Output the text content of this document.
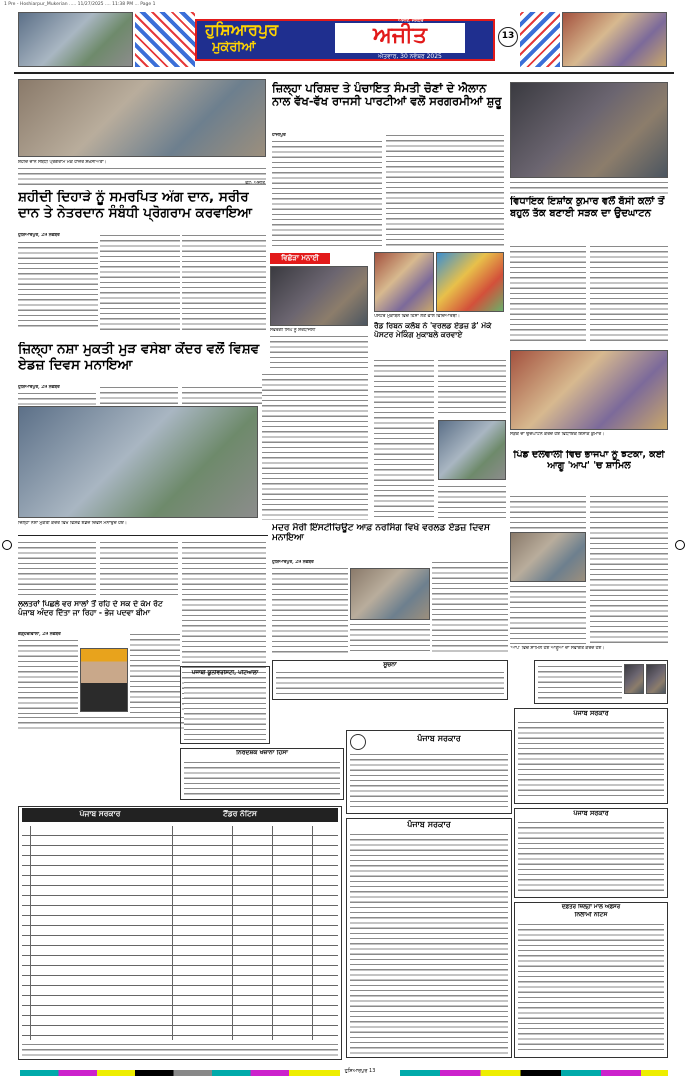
1 Pre - Hoshiarpur_Mukerian ..... 11/27/2025 .... 11:38 PM ... Page 1
ਹੁਸ਼ਿਆਰਪੁਰ
ਮੁਕੇਰੀਆਂ	ਅਜੀਤ
ਅਜੀਤ, ਜਲੰਧਰ
ਐਤਵਾਰ, 30 ਨਵੰਬਰ 2025
13
ਸ਼ਹੀਦ ਦਾਨ ਸਬੰਧੀ ਪ੍ਰੋਗਰਾਮ ਮੌਕੇ ਹਾਜ਼ਰ ਸ਼ਖ਼ਸੀਅਤਾਂ।
ਫੋਟੋ: ਅਜੀਤ
ਸ਼ਹੀਦੀ ਦਿਹਾੜੇ ਨੂੰ ਸਮਰਪਿਤ ਅੰਗ ਦਾਨ, ਸਰੀਰ ਦਾਨ ਤੇ ਨੇਤਰਦਾਨ ਸੰਬੰਧੀ ਪ੍ਰੋਗਰਾਮ ਕਰਵਾਇਆ
ਹੁਸ਼ਿਆਰਪੁਰ, 29 ਨਵੰਬਰ
ਵਿਛੋੜਾ ਮਨਾਈ
ਸਵਰਗੀ ਸਿੰਘ ਨੂੰ ਸ਼ਰਧਾਂਜਲੀ
ਜ਼ਿਲ੍ਹਾ ਨਸ਼ਾ ਮੁਕਤੀ ਮੁੜ ਵਸੇਬਾ ਕੇਂਦਰ ਵਲੋਂ ਵਿਸ਼ਵ ਏਡਜ਼ ਦਿਵਸ ਮਨਾਇਆ
ਹੁਸ਼ਿਆਰਪੁਰ, 29 ਨਵੰਬਰ
ਜ਼ਿਲ੍ਹਾ ਨਸ਼ਾ ਮੁਕਤੀ ਕੇਂਦਰ ਵਿਖੇ ਵਿਸ਼ਵ ਏਡਜ਼ ਦਿਵਸ ਮਨਾਉਂਦੇ ਹੋਏ।
ਲਲਤਰਾਂ ਪਿਛਲੇ ਵਰ ਸਾਲਾਂ ਤੋਂ ਰਹਿ ਦੇ ਸਕ ਦੇ ਕੰਮ ਰੋਟ ਪੰਜਾਬ ਅੰਦਰ ਦਿੱਤਾ ਜਾ ਰਿਹਾ - ਭੇਜ ਪਦਵਾ ਬੀਮਾ
ਗੜ੍ਹਦੀਵਾਲਾ, 29 ਨਵੰਬਰ
ਜ਼ਿਲ੍ਹਾ ਪਰਿਸ਼ਦ ਤੇ ਪੰਚਾਇਤ ਸੰਮਤੀ ਚੋਣਾਂ ਦੇ ਐਲਾਨ ਨਾਲ ਵੱਖ-ਵੱਖ ਰਾਜਸੀ ਪਾਰਟੀਆਂ ਵਲੋਂ ਸਰਗਰਮੀਆਂ ਸ਼ੁਰੂ
ਹਾਜੀਪੁਰ
ਪੋਸਟਰ ਮੁਕਾਬਲੇ ਵਿਚ ਹਿੱਸਾ ਲੈਣ ਵਾਲੇ ਵਿਦਿਆਰਥੀ।
ਰੈਡ ਰਿਬਨ ਕਲੱਬ ਨੇ 'ਵਰਲਡ ਏਡਜ਼ ਡੇ' ਮੌਕੇ ਪੋਸਟਰ ਮੇਕਿੰਗ ਮੁਕਾਬਲੇ ਕਰਵਾਏ
ਮਦਰ ਮੈਰੀ ਇੰਸਟੀਚਿਊਟ ਆਫ਼ ਨਰਸਿੰਗ ਵਿਖੇ ਵਰਲਡ ਏਡਜ਼ ਦਿਵਸ ਮਨਾਇਆ
ਹੁਸ਼ਿਆਰਪੁਰ, 29 ਨਵੰਬਰ
ਵਿਧਾਇਕ ਇਸ਼ਾਂਕ ਕੁਮਾਰ ਵਲੋਂ ਬੱਸੀ ਕਲਾਂ ਤੋਂ ਬਹੁਲ ਤੱਕ ਬਣਾਈ ਸੜਕ ਦਾ ਉਦਘਾਟਨ
ਸੜਕ ਦਾ ਉਦਘਾਟਨ ਕਰਦੇ ਹੋਏ ਵਿਧਾਇਕ ਇਸ਼ਾਂਕ ਕੁਮਾਰ।
ਪਿੰਡ ਦਲਵਾਲੀ ਵਿਚ ਭਾਜਪਾ ਨੂੰ ਝਟਕਾ, ਕਈ ਆਗੂ 'ਆਪ' 'ਚ ਸ਼ਾਮਿਲ
'ਆਪ' ਵਿਚ ਸ਼ਾਮਿਲ ਹੋਏ ਆਗੂਆਂ ਦਾ ਸਵਾਗਤ ਕਰਦੇ ਹੋਏ।
ਪੰਜਾਬੀ ਯੂਨੀਵਰਸਿਟੀ, ਪਟਿਆਲਾ
ਸੂਚਨਾ
ਨਿਰਦੇਸ਼ਕ ਖਜ਼ਾਨਾ ਹਿੱਸਾ
ਪੰਜਾਬ ਸਰਕਾਰ
ਪੰਜਾਬ ਸਰਕਾਰ
ਪੰਜਾਬ ਸਰਕਾਰ	ਟੈਂਡਰ ਨੋਟਿਸ
ਪੰਜਾਬ ਸਰਕਾਰ
ਪੰਜਾਬ ਸਰਕਾਰ
ਦਫ਼ਤਰ ਜ਼ਿਲ੍ਹਾ ਮਾਲ ਅਫ਼ਸਰ
ਨਿਲਾਮੀ ਨੋਟਿਸ
ਹੁਸ਼ਿਆਰਪੁਰ 13
